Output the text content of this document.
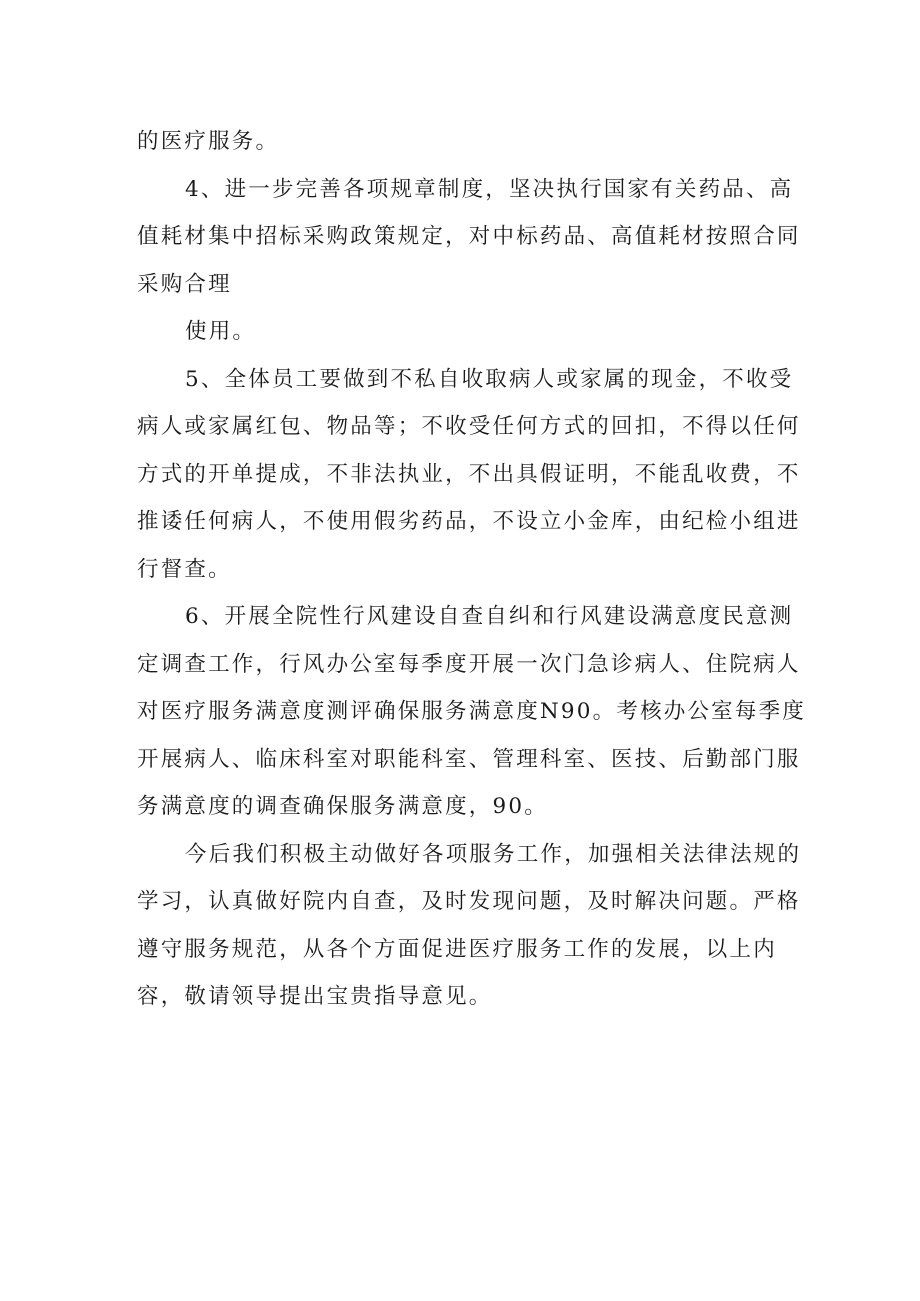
的医疗服务。
4、进一步完善各项规章制度，坚决执行国家有关药品、高
值耗材集中招标采购政策规定，对中标药品、高值耗材按照合同
采购合理
使用。
5、全体员工要做到不私自收取病人或家属的现金，不收受
病人或家属红包、物品等；不收受任何方式的回扣，不得以任何
方式的开单提成，不非法执业，不出具假证明，不能乱收费，不
推诿任何病人，不使用假劣药品，不设立小金库，由纪检小组进
行督查。
6、开展全院性行风建设自查自纠和行风建设满意度民意测
定调查工作，行风办公室每季度开展一次门急诊病人、住院病人
对医疗服务满意度测评确保服务满意度N90。考核办公室每季度
开展病人、临床科室对职能科室、管理科室、医技、后勤部门服
务满意度的调查确保服务满意度，90。
今后我们积极主动做好各项服务工作，加强相关法律法规的
学习，认真做好院内自查，及时发现问题，及时解决问题。严格
遵守服务规范，从各个方面促进医疗服务工作的发展，以上内
容，敬请领导提出宝贵指导意见。
